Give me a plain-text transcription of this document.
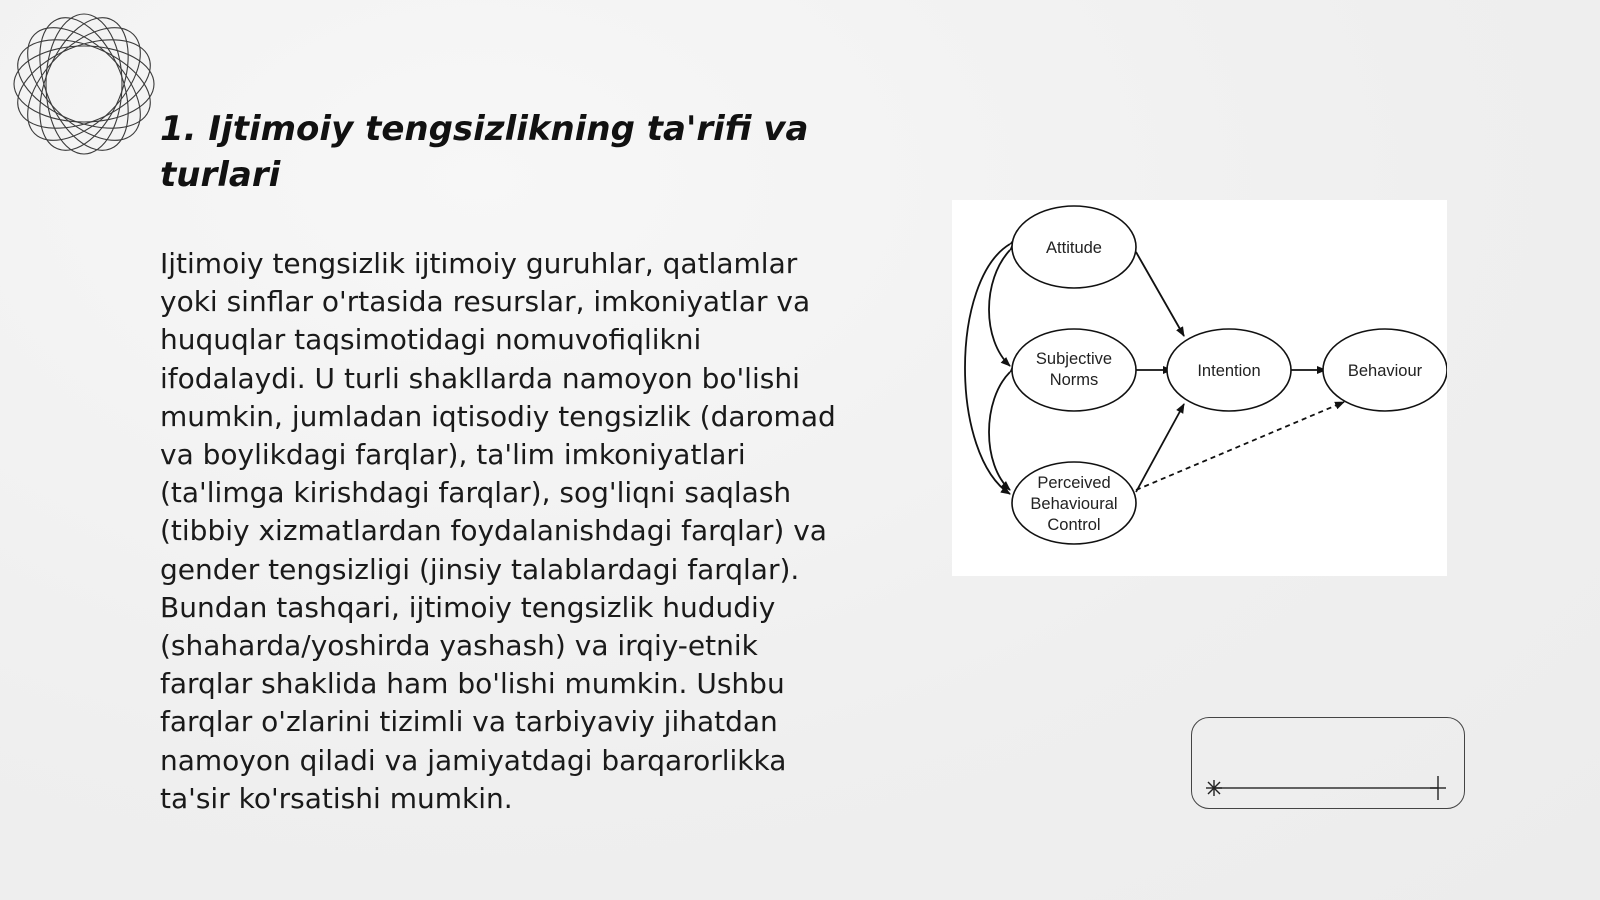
1. Ijtimoiy tengsizlikning ta'rifi va turlari

Ijtimoiy tengsizlik ijtimoiy guruhlar, qatlamlar yoki sinflar o'rtasida resurslar, imkoniyatlar va huquqlar taqsimotidagi nomuvofiqlikni ifodalaydi. U turli shakllarda namoyon bo'lishi mumkin, jumladan iqtisodiy tengsizlik (daromad va boylikdagi farqlar), ta'lim imkoniyatlari (ta'limga kirishdagi farqlar), sog'liqni saqlash (tibbiy xizmatlardan foydalanishdagi farqlar) va gender tengsizligi (jinsiy talablardagi farqlar). Bundan tashqari, ijtimoiy tengsizlik hududiy (shaharda/yoshirda yashash) va irqiy-etnik farqlar shaklida ham bo'lishi mumkin. Ushbu farqlar o'zlarini tizimli va tarbiyaviy jihatdan namoyon qiladi va jamiyatdagi barqarorlikka ta'sir ko'rsatishi mumkin.

Attitude
Subjective
Norms	Intention	Behaviour
Perceived
Behavioural
Control
